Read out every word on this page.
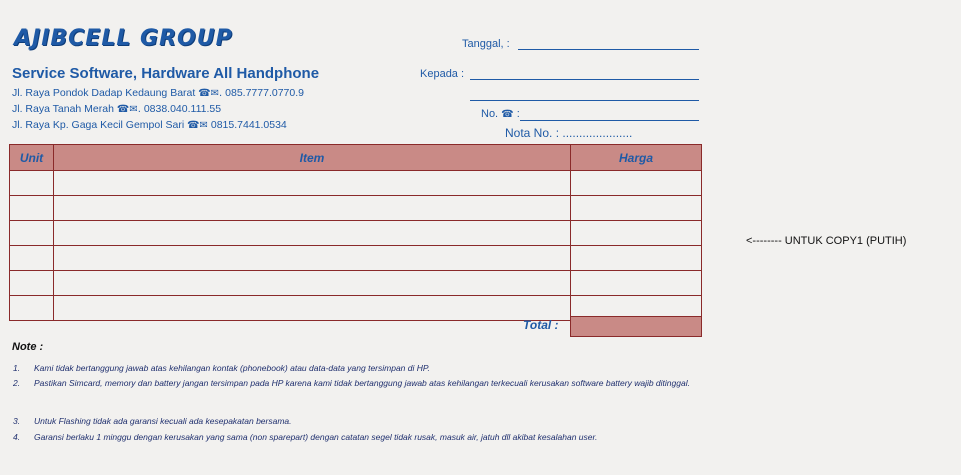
AJIBCELL GROUP
Service Software, Hardware All Handphone
Jl. Raya Pondok Dadap Kedaung Barat ☎✉. 085.7777.0770.9
Jl. Raya Tanah Merah ☎✉. 0838.040.111.55
Jl. Raya Kp. Gaga Kecil Gempol Sari ☎✉ 0815.7441.0534
Tanggal, :
Kepada :
No. ☎ :
Nota No. : .....................
Unit	Item	Harga

Total :
Note :
1. Kami tidak bertanggung jawab atas kehilangan kontak (phonebook) atau data-data yang tersimpan di HP.
2. Pastikan Simcard, memory dan battery jangan tersimpan pada HP karena kami tidak bertanggung jawab atas kehilangan terkecuali kerusakan software battery wajib ditinggal.
3. Untuk Flashing tidak ada garansi kecuali ada kesepakatan bersama.
4. Garansi berlaku 1 minggu dengan kerusakan yang sama (non sparepart) dengan catatan segel tidak rusak, masuk air, jatuh dll akibat kesalahan user.
<-------- UNTUK COPY1 (PUTIH)
